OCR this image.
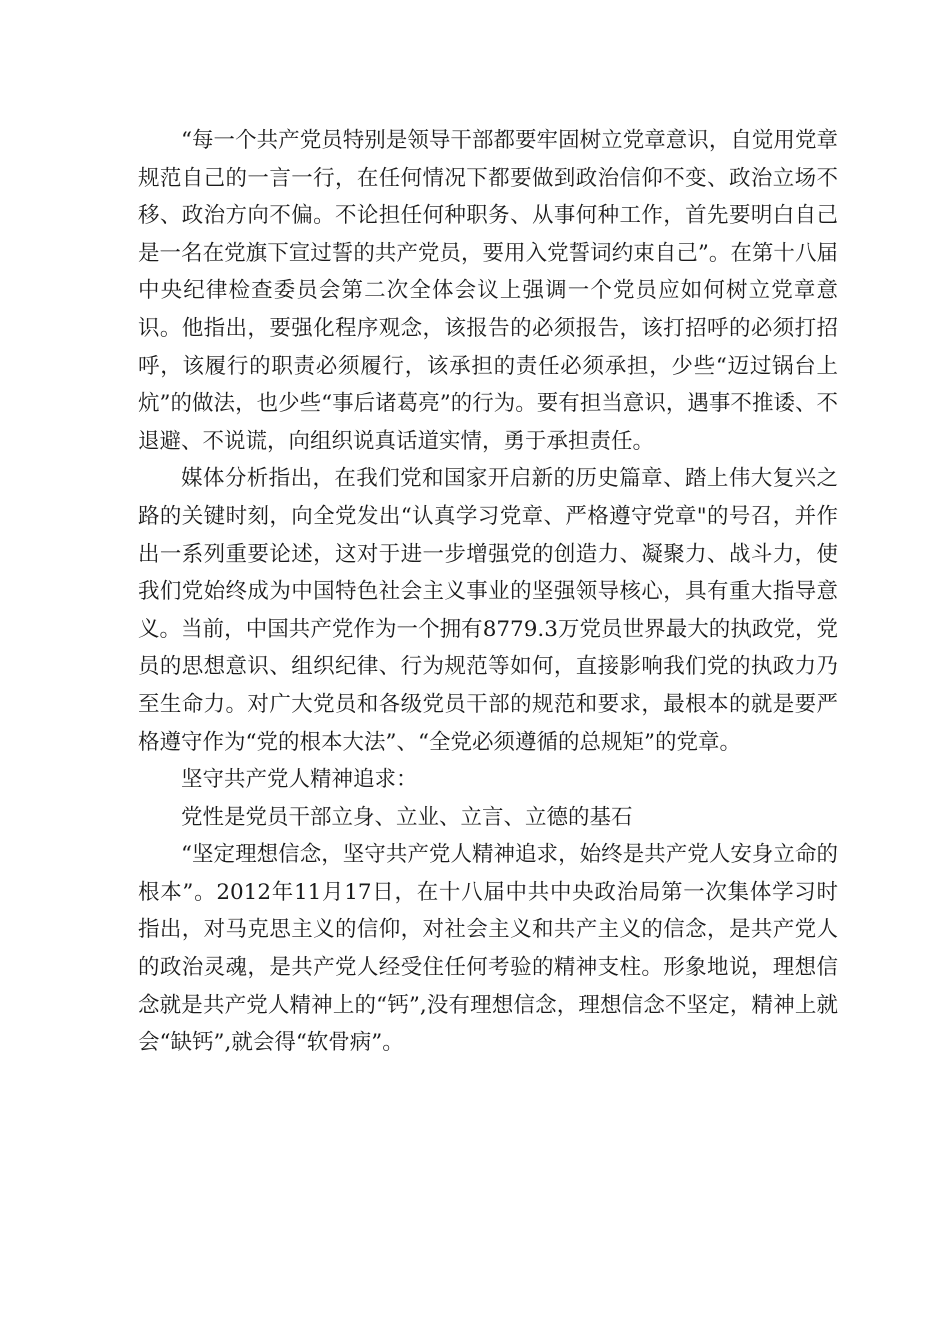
“每一个共产党员特别是领导干部都要牢固树立党章意识，自觉用党章规范自己的一言一行，在任何情况下都要做到政治信仰不变、政治立场不移、政治方向不偏。不论担任何种职务、从事何种工作，首先要明白自己是一名在党旗下宣过誓的共产党员，要用入党誓词约束自己”。在第十八届中央纪律检查委员会第二次全体会议上强调一个党员应如何树立党章意识。他指出，要强化程序观念，该报告的必须报告，该打招呼的必须打招呼，该履行的职责必须履行，该承担的责任必须承担，少些“迈过锅台上炕”的做法，也少些“事后诸葛亮”的行为。要有担当意识，遇事不推诿、不退避、不说谎，向组织说真话道实情，勇于承担责任。

媒体分析指出，在我们党和国家开启新的历史篇章、踏上伟大复兴之路的关键时刻，向全党发出“认真学习党章、严格遵守党章"的号召，并作出一系列重要论述，这对于进一步增强党的创造力、凝聚力、战斗力，使我们党始终成为中国特色社会主义事业的坚强领导核心，具有重大指导意义。当前，中国共产党作为一个拥有8779.3万党员世界最大的执政党，党员的思想意识、组织纪律、行为规范等如何，直接影响我们党的执政力乃至生命力。对广大党员和各级党员干部的规范和要求，最根本的就是要严格遵守作为“党的根本大法”、“全党必须遵循的总规矩”的党章。

坚守共产党人精神追求：

党性是党员干部立身、立业、立言、立德的基石

“坚定理想信念，坚守共产党人精神追求，始终是共产党人安身立命的根本”。2012年11月17日，在十八届中共中央政治局第一次集体学习时指出，对马克思主义的信仰，对社会主义和共产主义的信念，是共产党人的政治灵魂，是共产党人经受住任何考验的精神支柱。形象地说，理想信念就是共产党人精神上的“钙”,没有理想信念，理想信念不坚定，精神上就会“缺钙”,就会得“软骨病”。
